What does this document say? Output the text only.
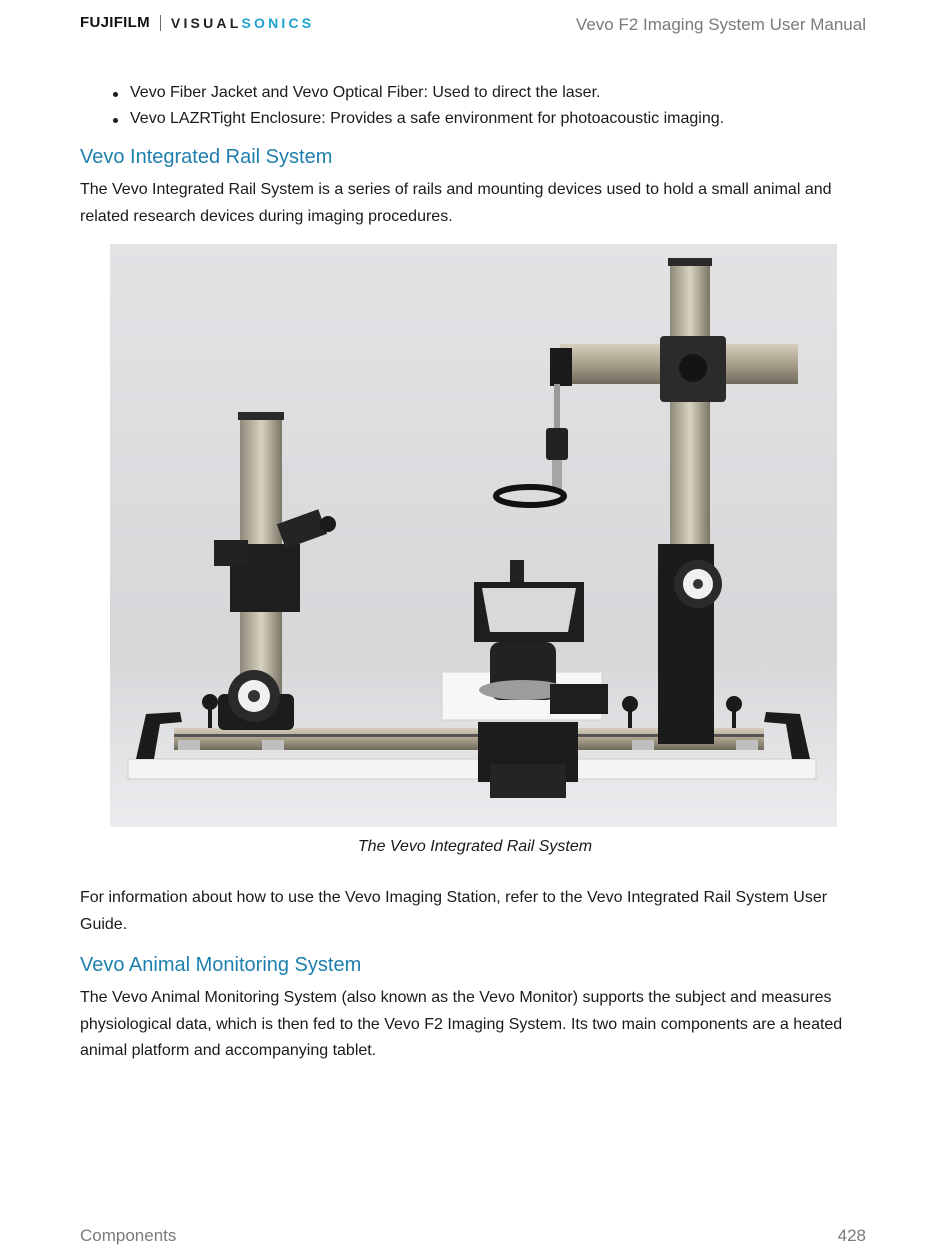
FUJIFILM VISUAL SONICS	Vevo F2 Imaging System User Manual
Vevo Fiber Jacket and Vevo Optical Fiber: Used to direct the laser.
Vevo LAZRTight Enclosure: Provides a safe environment for photoacoustic imaging.
Vevo Integrated Rail System

The Vevo Integrated Rail System is a series of rails and mounting devices used to hold a small animal and related research devices during imaging procedures.

The Vevo Integrated Rail System

For information about how to use the Vevo Imaging Station, refer to the Vevo Integrated Rail System User Guide.

Vevo Animal Monitoring System

The Vevo Animal Monitoring System (also known as the Vevo Monitor) supports the subject and measures physiological data, which is then fed to the Vevo F2 Imaging System. Its two main components are a heated animal platform and accompanying tablet.

Components	428
